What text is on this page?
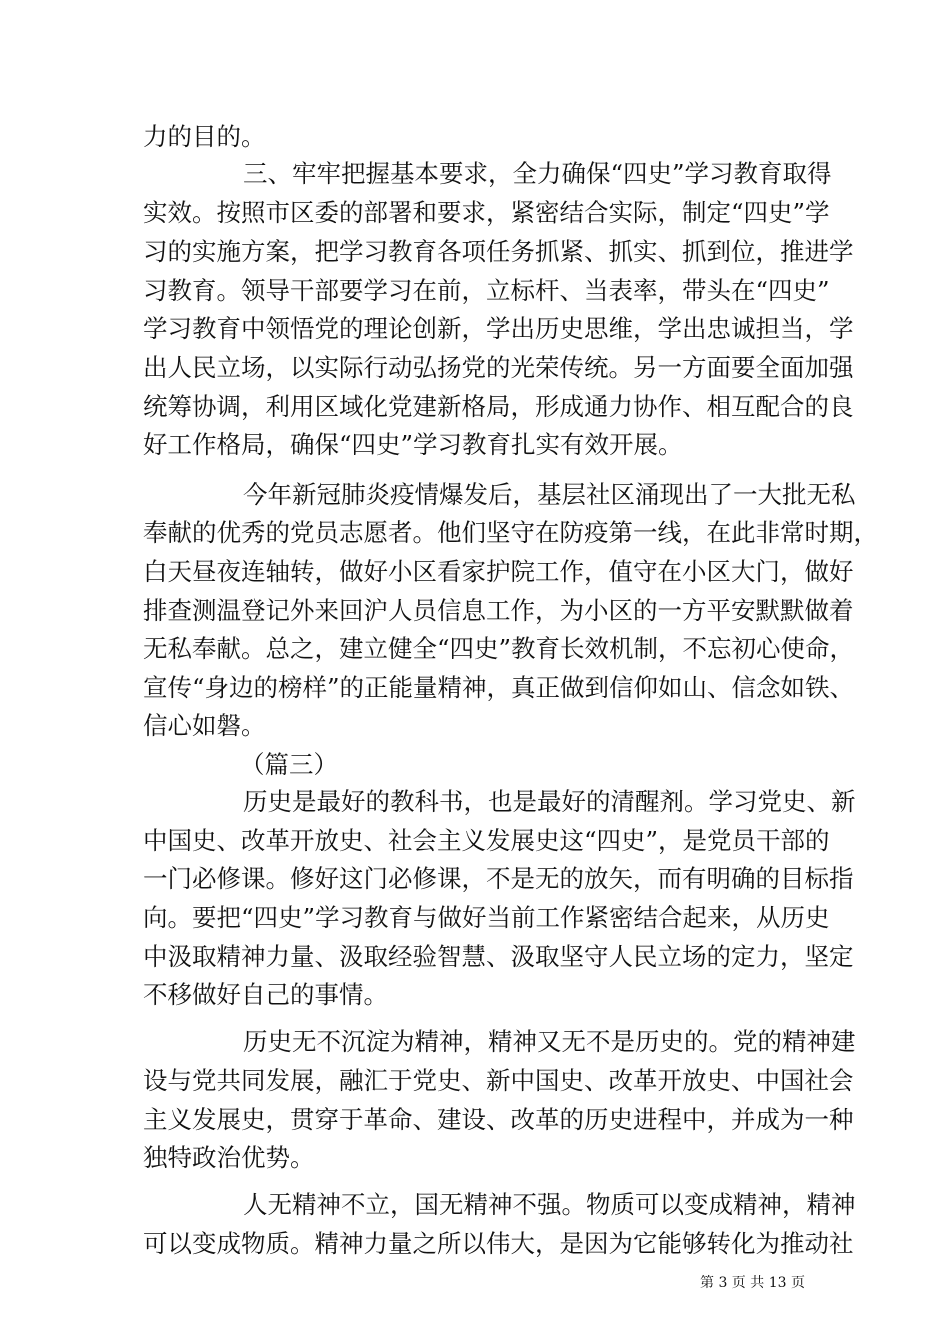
力的目的。
三、牢牢把握基本要求，全力确保“四史”学习教育取得
实效。按照市区委的部署和要求，紧密结合实际，制定“四史”学
习的实施方案，把学习教育各项任务抓紧、抓实、抓到位，推进学
习教育。领导干部要学习在前，立标杆、当表率，带头在“四史”
学习教育中领悟党的理论创新，学出历史思维，学出忠诚担当，学
出人民立场，以实际行动弘扬党的光荣传统。另一方面要全面加强
统筹协调，利用区域化党建新格局，形成通力协作、相互配合的良
好工作格局，确保“四史”学习教育扎实有效开展。
今年新冠肺炎疫情爆发后，基层社区涌现出了一大批无私
奉献的优秀的党员志愿者。他们坚守在防疫第一线，在此非常时期，
白天昼夜连轴转，做好小区看家护院工作，值守在小区大门，做好
排查测温登记外来回沪人员信息工作，为小区的一方平安默默做着
无私奉献。总之，建立健全“四史”教育长效机制，不忘初心使命，
宣传“身边的榜样”的正能量精神，真正做到信仰如山、信念如铁、
信心如磐。
（篇三）
历史是最好的教科书，也是最好的清醒剂。学习党史、新
中国史、改革开放史、社会主义发展史这“四史”，是党员干部的
一门必修课。修好这门必修课，不是无的放矢，而有明确的目标指
向。要把“四史”学习教育与做好当前工作紧密结合起来，从历史
中汲取精神力量、汲取经验智慧、汲取坚守人民立场的定力，坚定
不移做好自己的事情。
历史无不沉淀为精神，精神又无不是历史的。党的精神建
设与党共同发展，融汇于党史、新中国史、改革开放史、中国社会
主义发展史，贯穿于革命、建设、改革的历史进程中，并成为一种
独特政治优势。
人无精神不立，国无精神不强。物质可以变成精神，精神
可以变成物质。精神力量之所以伟大，是因为它能够转化为推动社
第 3 页 共 13 页
